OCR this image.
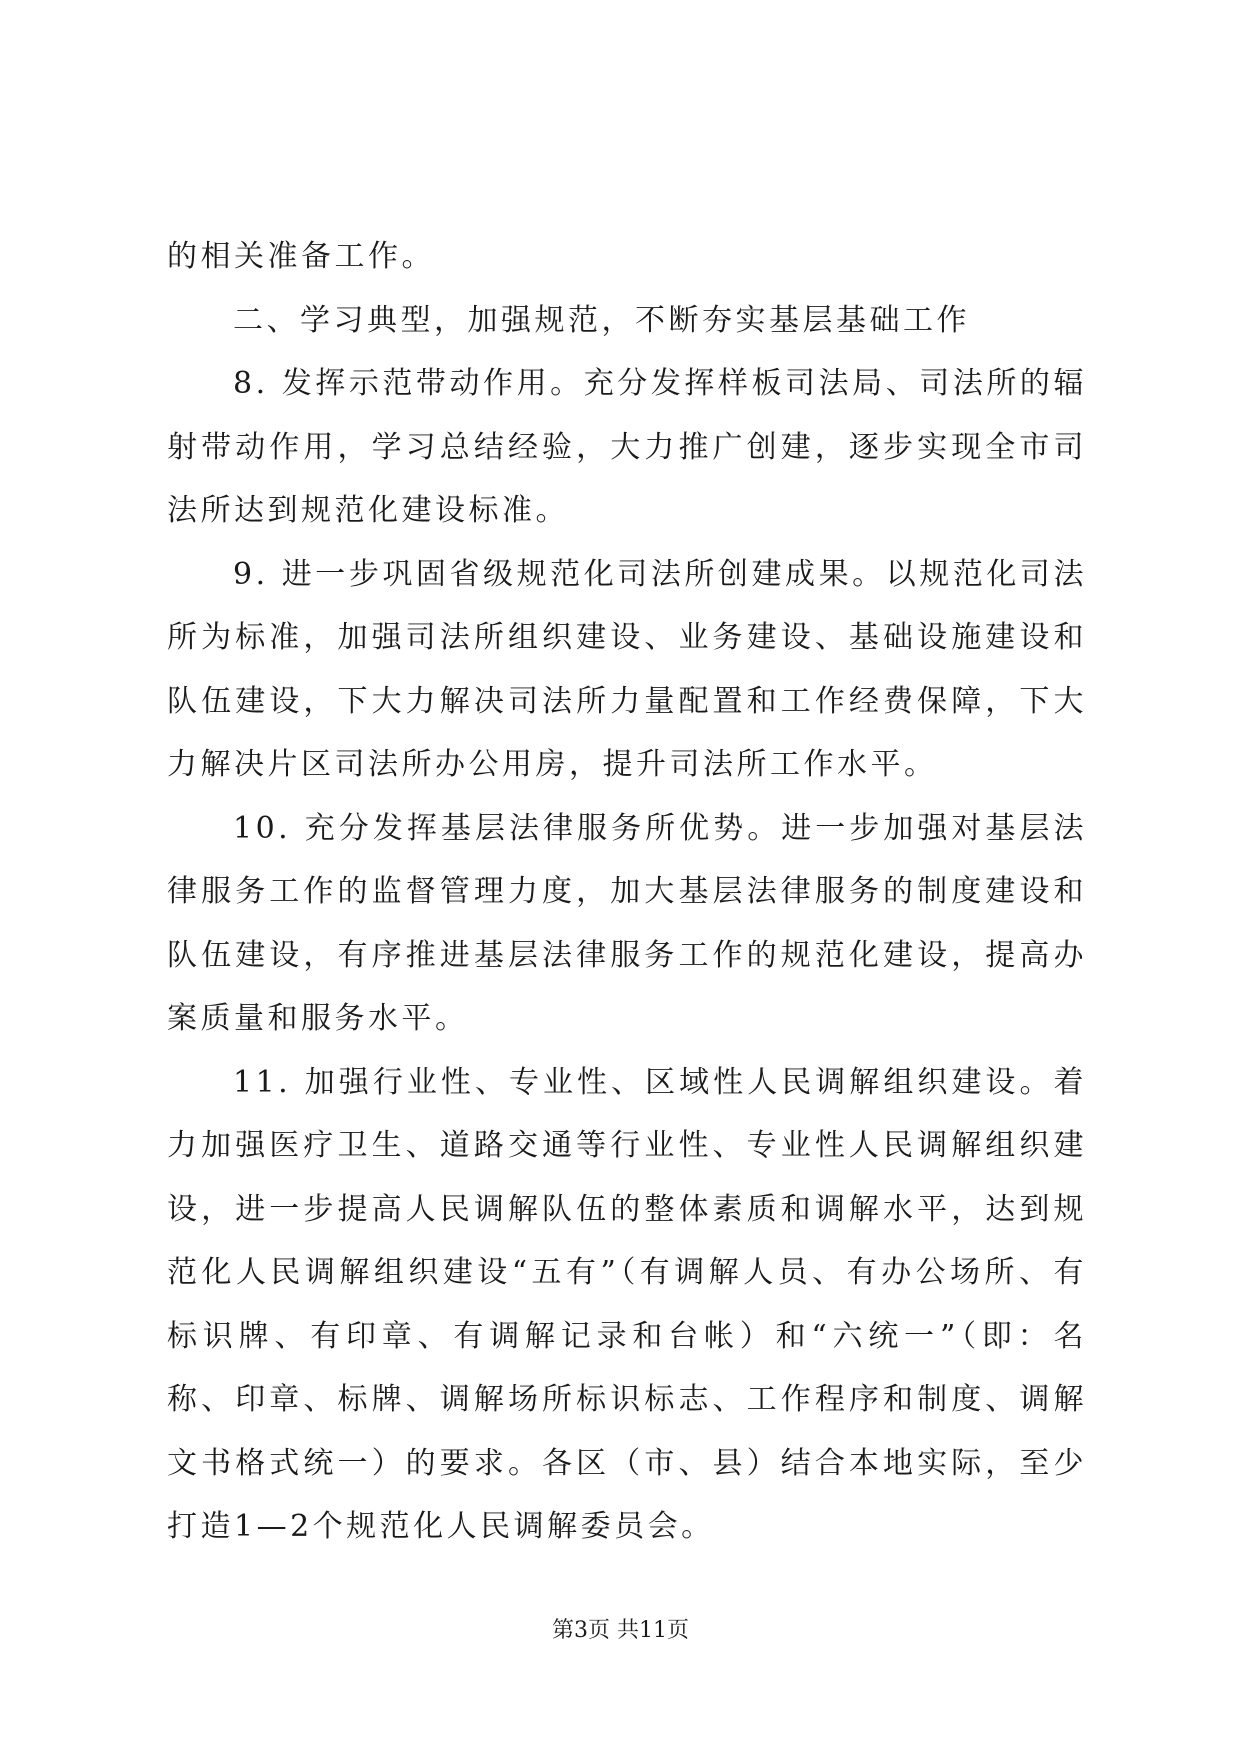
的相关准备工作。

二、学习典型，加强规范，不断夯实基层基础工作

8. 发挥示范带动作用。充分发挥样板司法局、司法所的辐射带动作用，学习总结经验，大力推广创建，逐步实现全市司法所达到规范化建设标准。

9. 进一步巩固省级规范化司法所创建成果。以规范化司法所为标准，加强司法所组织建设、业务建设、基础设施建设和队伍建设，下大力解决司法所力量配置和工作经费保障，下大力解决片区司法所办公用房，提升司法所工作水平。

10. 充分发挥基层法律服务所优势。进一步加强对基层法律服务工作的监督管理力度，加大基层法律服务的制度建设和队伍建设，有序推进基层法律服务工作的规范化建设，提高办案质量和服务水平。

11. 加强行业性、专业性、区域性人民调解组织建设。着力加强医疗卫生、道路交通等行业性、专业性人民调解组织建设，进一步提高人民调解队伍的整体素质和调解水平，达到规范化人民调解组织建设“五有”（有调解人员、有办公场所、有标识牌、有印章、有调解记录和台帐）和“六统一”（即：名称、印章、标牌、调解场所标识标志、工作程序和制度、调解文书格式统一）的要求。各区（市、县）结合本地实际，至少打造1—2个规范化人民调解委员会。

第3页 共11页
